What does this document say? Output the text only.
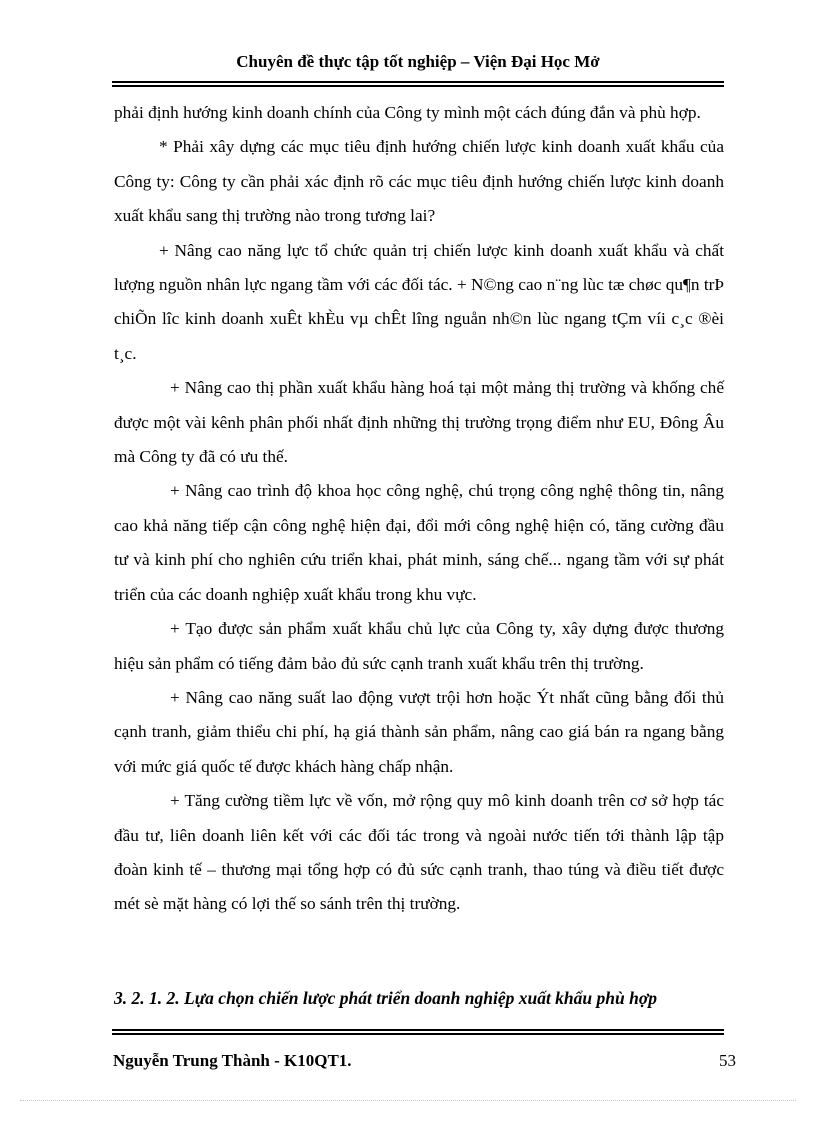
Chuyên đề thực tập tốt nghiệp – Viện Đại Học Mở

phải định hướng kinh doanh chính của Công ty mình một cách đúng đắn và phù hợp.

* Phải xây dựng các mục tiêu định hướng chiến lược kinh doanh xuất khẩu của Công ty: Công ty cần phải xác định rõ các mục tiêu định hướng chiến lược kinh doanh xuất khẩu sang thị trường nào trong tương lai?

+ Nâng cao năng lực tổ chức quản trị chiến lược kinh doanh xuất khẩu và chất lượng nguồn nhân lực ngang tầm với các đối tác. + N©ng cao n¨ng lùc tæ chøc qu¶n trÞ chiÕn lîc kinh doanh xuÊt khÈu vµ chÊt lîng nguån nh©n lùc ngang tÇm víi c¸c ®èi t¸c.

+ Nâng cao thị phần xuất khẩu hàng hoá tại một mảng thị trường và khống chế được một vài kênh phân phối nhất định những thị trường trọng điểm như EU, Đông Âu mà Công ty đã có ưu thế.

+ Nâng cao trình độ khoa học công nghệ, chú trọng công nghệ thông tin, nâng cao khả năng tiếp cận công nghệ hiện đại, đổi mới công nghệ hiện có, tăng cường đầu tư và kinh phí cho nghiên cứu triển khai, phát minh, sáng chế... ngang tầm với sự phát triển của các doanh nghiệp xuất khẩu trong khu vực.

+ Tạo được sản phẩm xuất khẩu chủ lực của Công ty, xây dựng được thương hiệu sản phẩm có tiếng đảm bảo đủ sức cạnh tranh xuất khẩu trên thị trường.

+ Nâng cao năng suất lao động vượt trội hơn hoặc Ýt nhất cũng bằng đối thủ cạnh tranh, giảm thiểu chi phí, hạ giá thành sản phẩm, nâng cao giá bán ra ngang bằng với mức giá quốc tế được khách hàng chấp nhận.

+ Tăng cường tiềm lực về vốn, mở rộng quy mô kinh doanh trên cơ sở hợp tác đầu tư, liên doanh liên kết với các đối tác trong và ngoài nước tiến tới thành lập tập đoàn kinh tế – thương mại tổng hợp có đủ sức cạnh tranh, thao túng và điều tiết được mét sè mặt hàng có lợi thế so sánh trên thị trường.

3. 2. 1. 2. Lựa chọn chiến lược phát triển doanh nghiệp xuất khẩu phù hợp
Nguyễn Trung Thành - K10QT1.	53
